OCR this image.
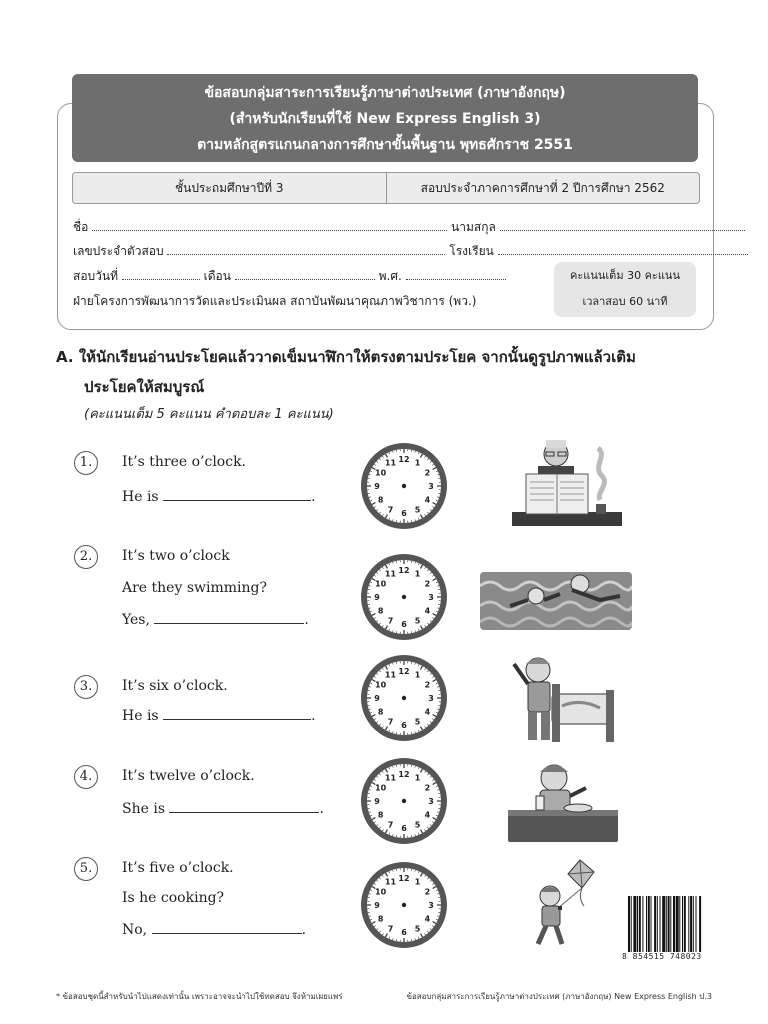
ข้อสอบกลุ่มสาระการเรียนรู้ภาษาต่างประเทศ (ภาษาอังกฤษ)
(สำหรับนักเรียนที่ใช้ New Express English 3)
ตามหลักสูตรแกนกลางการศึกษาขั้นพื้นฐาน พุทธศักราช 2551
ชั้นประถมศึกษาปีที่ 3	สอบประจำภาคการศึกษาที่ 2 ปีการศึกษา 2562
ชื่อ	นามสกุล
เลขประจำตัวสอบ	โรงเรียน
สอบวันที่	เดือน	พ.ศ.
ฝ่ายโครงการพัฒนาการวัดและประเมินผล สถาบันพัฒนาคุณภาพวิชาการ (พว.)
คะแนนเต็ม 30 คะแนน
เวลาสอบ 60 นาที
A. ให้นักเรียนอ่านประโยคแล้ววาดเข็มนาฬิกาให้ตรงตามประโยค จากนั้นดูรูปภาพแล้วเติม
ประโยคให้สมบูรณ์
(คะแนนเต็ม 5 คะแนน คำตอบละ 1 คะแนน)
1.	It’s three o’clock.
He is	.
2.	It’s two o’clock
Are they swimming?
Yes,	.
3.	It’s six o’clock.
He is	.
4.	It’s twelve o’clock.
She is	.
5.	It’s five o’clock.
Is he cooking?
No,	.
12 1
2
3
4
5
6
7
8
9
10
11
12 1
2
3
4
5
6
7
8
9
10
11
12 1
2
3
4
5
6
7
8
9
10
11
12 1
2
3
4
5
6
7
8
9
10
11
12 1
2
3
4
5
6
7
8
9
10
11
8 854515 748023
* ข้อสอบชุดนี้สำหรับนำไปแสดงเท่านั้น เพราะอาจจะนำไปใช้ทดสอบ จึงห้ามเผยแพร่	ข้อสอบกลุ่มสาระการเรียนรู้ภาษาต่างประเทศ (ภาษาอังกฤษ) New Express English ป.3
